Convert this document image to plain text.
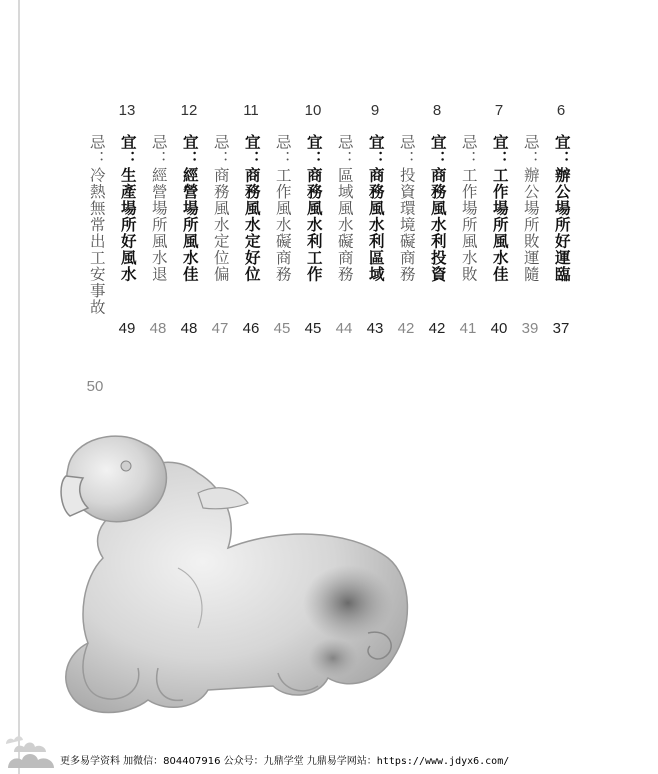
6
宜：辦公場所好運臨
忌：辦公場所敗運隨
7
宜：工作場所風水佳
忌：工作場所風水敗
8
宜：商務風水利投資
忌：投資環境礙商務
9
宜：商務風水利區域
忌：區域風水礙商務
10
宜：商務風水利工作
忌：工作風水礙商務
11
宜：商務風水定好位
忌：商務風水定位偏
12
宜：經營場所風水佳
忌：經營場所風水退
13
宜：生產場所好風水
忌：冷熱無常出工安事故
37
39
40
41
42
42
43
44
45
45
46
47
48
48
49
50
更多易学资料 加微信：804407916 公众号：九鼎学堂 九鼎易学网站：https://www.jdyx6.com/
